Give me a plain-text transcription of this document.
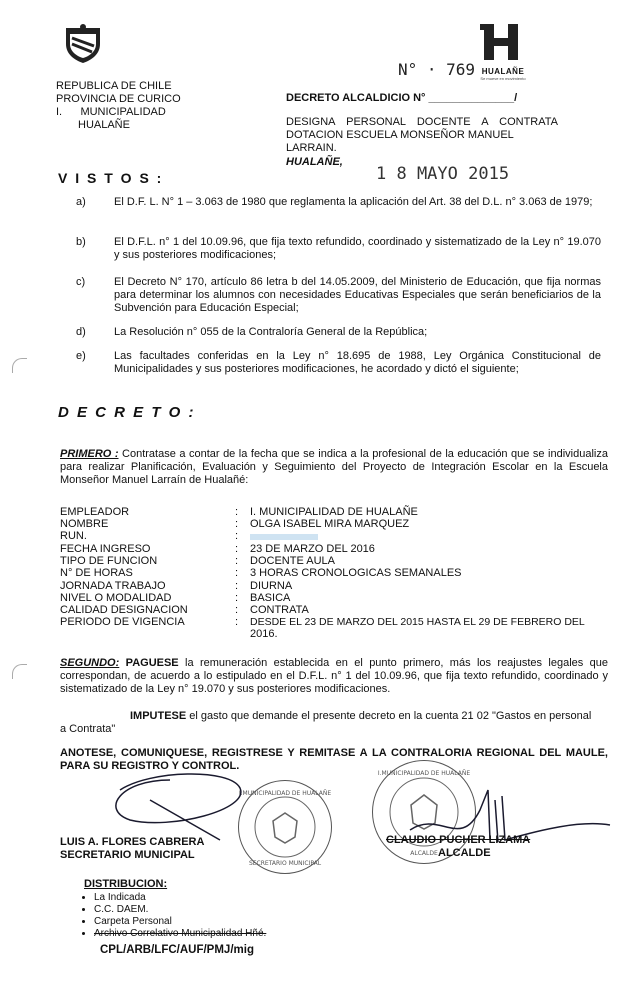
REPUBLICA DE CHILE
PROVINCIA DE CURICO
I.      MUNICIPALIDAD
HUALAÑE
HUALAÑE
Se mueve en movimiento
N° · 769
DECRETO ALCALDICIO N° ______________/
DESIGNA PERSONAL DOCENTE A CONTRATA
DOTACION ESCUELA MONSEÑOR MANUEL LARRAIN.
HUALAÑE,
1 8 MAYO 2015
V I S T O S :
a)	El D.F. L. N° 1 – 3.063 de 1980 que reglamenta la aplicación del Art. 38 del D.L. n° 3.063 de 1979;
b)	El D.F.L. n° 1 del 10.09.96, que fija texto refundido, coordinado y sistematizado de la Ley n° 19.070 y sus posteriores modificaciones;
c)	El Decreto N° 170, artículo 86 letra b del 14.05.2009, del Ministerio de Educación, que fija normas para determinar los alumnos con necesidades Educativas Especiales que serán beneficiarios de la Subvención para Educación Especial;
d)	La Resolución n° 055 de la Contraloría General de la República;
e)	Las facultades conferidas en la Ley n° 18.695 de 1988, Ley Orgánica Constitucional de Municipalidades y sus posteriores modificaciones, he acordado y dictó el siguiente;
D E C R E T O :
PRIMERO : Contratase a contar de la fecha que se indica a la profesional de la educación que se individualiza para realizar Planificación, Evaluación y Seguimiento del Proyecto de Integración Escolar en la Escuela Monseñor Manuel Larraín de Hualañé:
EMPLEADOR	: I. MUNICIPALIDAD DE HUALAÑE
NOMBRE	: OLGA ISABEL MIRA MARQUEZ
RUN.	:
FECHA INGRESO	: 23 DE MARZO DEL 2016
TIPO DE FUNCION	: DOCENTE AULA
N° DE HORAS	: 3 HORAS CRONOLOGICAS SEMANALES
JORNADA TRABAJO	: DIURNA
NIVEL O MODALIDAD	: BASICA
CALIDAD DESIGNACION	: CONTRATA
PERIODO DE VIGENCIA	: DESDE EL 23 DE MARZO DEL 2015 HASTA EL 29 DE FEBRERO DEL
2016.
SEGUNDO: PAGUESE la remuneración establecida en el punto primero, más los reajustes legales que correspondan, de acuerdo a lo estipulado en el D.F.L. n° 1 del 10.09.96, que fija texto refundido, coordinado y sistematizado de la Ley n° 19.070 y sus posteriores modificaciones.
IMPUTESE el gasto que demande el presente decreto en la cuenta 21 02 "Gastos en personal a Contrata"
ANOTESE, COMUNIQUESE, REGISTRESE Y REMITASE A LA CONTRALORIA REGIONAL DEL MAULE, PARA SU REGISTRO Y CONTROL.
I.MUNICIPALIDAD DE HUALAÑE
SECRETARIO MUNICIPAL
I.MUNICIPALIDAD DE HUALAÑE
ALCALDE
LUIS A. FLORES CABRERA
SECRETARIO MUNICIPAL
CLAUDIO PUCHER LIZAMA
ALCALDE
DISTRIBUCION:
• La Indicada
• C.C. DAEM.
• Carpeta Personal
• Archivo Correlativo Municipalidad Hñé.
CPL/ARB/LFC/AUF/PMJ/mig
